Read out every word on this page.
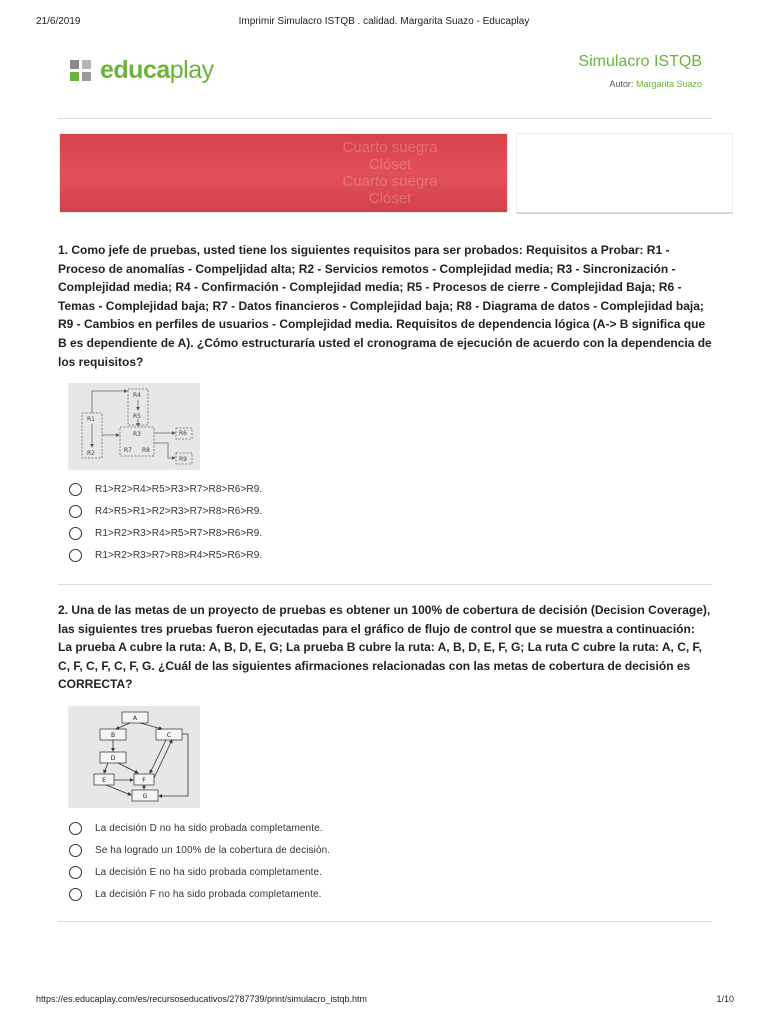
21/6/2019	Imprimir Simulacro ISTQB . calidad. Margarita Suazo - Educaplay
educaplay	Simulacro ISTQB
Autor: Margarita Suazo
Cuarto suegra
Clóset
Cuarto suegra
Clóset
1. Como jefe de pruebas, usted tiene los siguientes requisitos para ser probados: Requisitos a Probar: R1 - Proceso de anomalías - Compeljidad alta; R2 - Servicios remotos - Complejidad media; R3 - Sincronización - Complejidad media; R4 - Confirmación - Complejidad media; R5 - Procesos de cierre - Complejidad Baja; R6 - Temas - Complejidad baja; R7 - Datos financieros - Complejidad baja; R8 - Diagrama de datos - Complejidad baja; R9 - Cambios en perfiles de usuarios - Complejidad media. Requisitos de dependencia lógica (A-> B significa que B es dependiente de A). ¿Cómo estructuraría usted el cronograma de ejecución de acuerdo con la dependencia de los requisitos?
R4
R5
R1
R3	R6
R2	R7 R8
R9
R1>R2>R4>R5>R3>R7>R8>R6>R9.
R4>R5>R1>R2>R3>R7>R8>R6>R9.
R1>R2>R3>R4>R5>R7>R8>R6>R9.
R1>R2>R3>R7>R8>R4>R5>R6>R9.
2. Una de las metas de un proyecto de pruebas es obtener un 100% de cobertura de decisión (Decision Coverage), las siguientes tres pruebas fueron ejecutadas para el gráfico de flujo de control que se muestra a continuación: La prueba A cubre la ruta: A, B, D, E, G; La prueba B cubre la ruta: A, B, D, E, F, G; La ruta C cubre la ruta: A, C, F, C, F, C, F, C, F, G. ¿Cuál de las siguientes afirmaciones relacionadas con las metas de cobertura de decisión es CORRECTA?
A
B	C
D
E	F
G
La decisión D no ha sido probada completamente.
Se ha logrado un 100% de la cobertura de decisión.
La decisión E no ha sido probada completamente.
La decisión F no ha sido probada completamente.
https://es.educaplay.com/es/recursoseducativos/2787739/print/simulacro_istqb.htm	1/10
